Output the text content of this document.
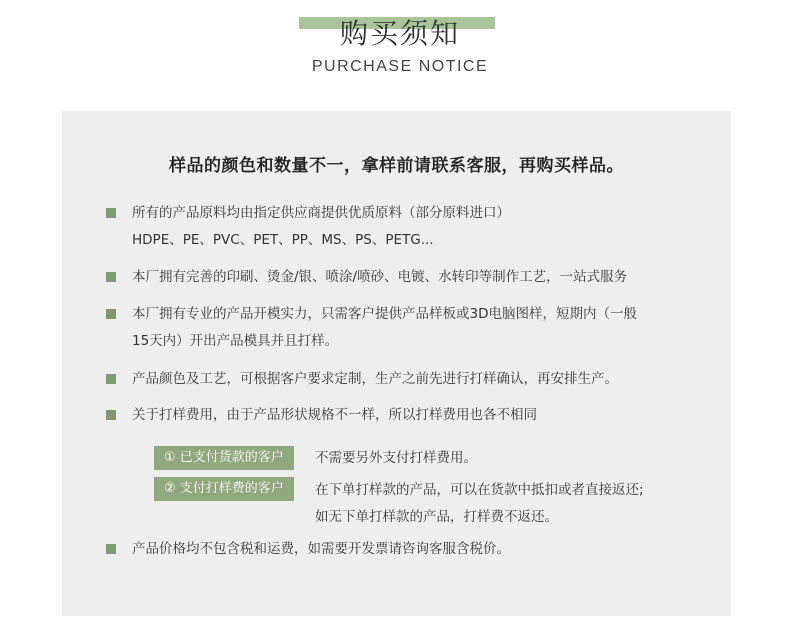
购买须知
PURCHASE NOTICE
样品的颜色和数量不一，拿样前请联系客服，再购买样品。
所有的产品原料均由指定供应商提供优质原料（部分原料进口）
HDPE、PE、PVC、PET、PP、MS、PS、PETG...
本厂拥有完善的印刷、烫金/银、喷涂/喷砂、电镀、水转印等制作工艺，一站式服务
本厂拥有专业的产品开模实力，只需客户提供产品样板或3D电脑图样，短期内（一般
15天内）开出产品模具并且打样。
产品颜色及工艺，可根据客户要求定制，生产之前先进行打样确认，再安排生产。
关于打样费用，由于产品形状规格不一样，所以打样费用也各不相同
① 已支付货款的客户	不需要另外支付打样费用。
② 支付打样费的客户	在下单打样款的产品，可以在货款中抵扣或者直接返还;
如无下单打样款的产品，打样费不返还。
产品价格均不包含税和运费，如需要开发票请咨询客服含税价。
